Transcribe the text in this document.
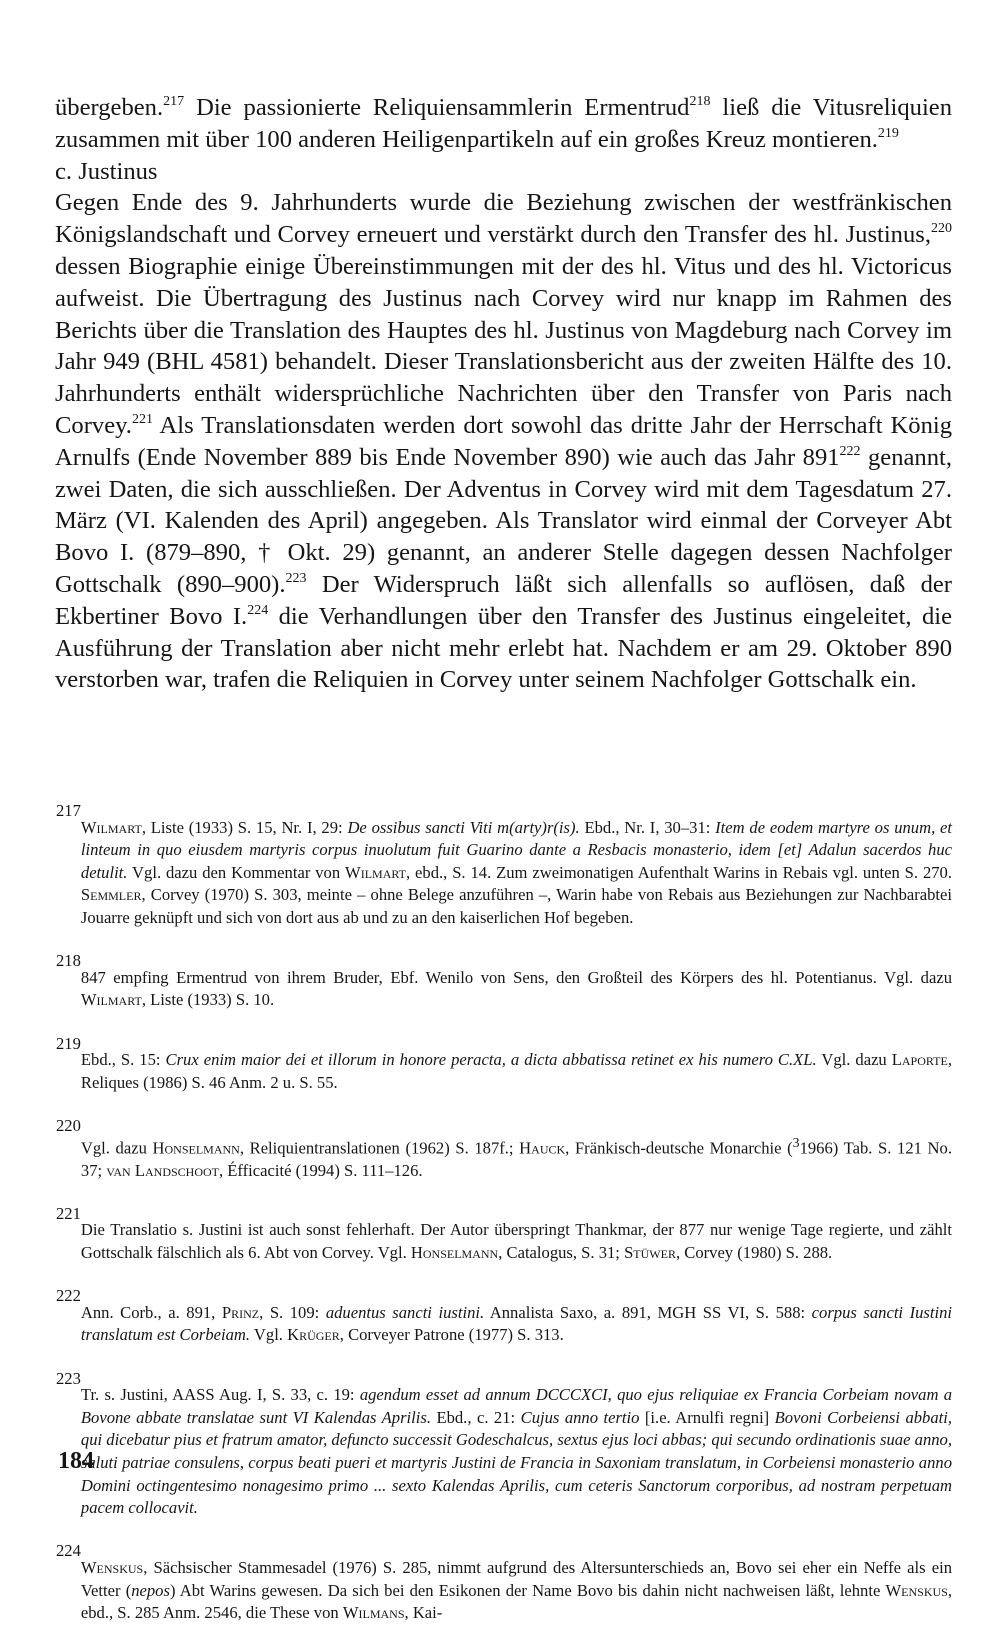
übergeben.$^{217}$ Die passionierte Reliquiensammlerin Ermentrud$^{218}$ ließ die Vitusreliquien zusammen mit über 100 anderen Heiligenpartikeln auf ein großes Kreuz montieren.$^{219}$

c. Justinus

Gegen Ende des 9. Jahrhunderts wurde die Beziehung zwischen der westfränkischen Königslandschaft und Corvey erneuert und verstärkt durch den Transfer des hl. Justinus,$^{220}$ dessen Biographie einige Übereinstimmungen mit der des hl. Vitus und des hl. Victoricus aufweist. Die Übertragung des Justinus nach Corvey wird nur knapp im Rahmen des Berichts über die Translation des Hauptes des hl. Justinus von Magdeburg nach Corvey im Jahr 949 (BHL 4581) behandelt. Dieser Translationsbericht aus der zweiten Hälfte des 10. Jahrhunderts enthält widersprüchliche Nachrichten über den Transfer von Paris nach Corvey.$^{221}$ Als Translationsdaten werden dort sowohl das dritte Jahr der Herrschaft König Arnulfs (Ende November 889 bis Ende November 890) wie auch das Jahr $891^{222}$ genannt, zwei Daten, die sich ausschließen. Der Adventus in Corvey wird mit dem Tagesdatum 27. März (VI. Kalenden des April) angegeben. Als Translator wird einmal der Corveyer Abt Bovo I. (879–890, † Okt. 29) genannt, an anderer Stelle dagegen dessen Nachfolger Gottschalk (890–900).$^{223}$ Der Widerspruch läßt sich allenfalls so auflösen, daß der Ekbertiner Bovo I.$^{224}$ die Verhandlungen über den Transfer des Justinus eingeleitet, die Ausführung der Translation aber nicht mehr erlebt hat. Nachdem er am 29. Oktober 890 verstorben war, trafen die Reliquien in Corvey unter seinem Nachfolger Gottschalk ein.

217

Wilmart, Liste (1933) S. 15, Nr. I, 29: De ossibus sancti Viti m(arty)r(is). Ebd., Nr. I, 30–31: Item de eodem martyre os unum, et linteum in quo eiusdem martyris corpus inuolutum fuit Guarino dante a Resbacis monasterio, idem [et] Adalun sacerdos huc detulit. Vgl. dazu den Kommentar von Wilmart, ebd., S. 14. Zum zweimonatigen Aufenthalt Warins in Rebais vgl. unten S. 270. Semmler, Corvey (1970) S. 303, meinte – ohne Belege anzuführen –, Warin habe von Rebais aus Beziehungen zur Nachbarabtei Jouarre geknüpft und sich von dort aus ab und zu an den kaiserlichen Hof begeben.

218

847 empfing Ermentrud von ihrem Bruder, Ebf. Wenilo von Sens, den Großteil des Körpers des hl. Potentianus. Vgl. dazu Wilmart, Liste (1933) S. 10.

219

Ebd., S. 15: Crux enim maior dei et illorum in honore peracta, a dicta abbatissa retinet ex his numero C.XL. Vgl. dazu Laporte, Reliques (1986) S. 46 Anm. 2 u. S. 55.

220

Vgl. dazu Honselmann, Reliquientranslationen (1962) S. 187f.; Hauck, Fränkisch-deutsche Monarchie ($^3$1966) Tab. S. 121 No. 37; van Landschoot, Éfficacité (1994) S. 111–126.

221

Die Translatio s. Justini ist auch sonst fehlerhaft. Der Autor überspringt Thankmar, der 877 nur wenige Tage regierte, und zählt Gottschalk fälschlich als 6. Abt von Corvey. Vgl. Honselmann, Catalogus, S. 31; Stüwer, Corvey (1980) S. 288.

222

Ann. Corb., a. 891, Prinz, S. 109: aduentus sancti iustini. Annalista Saxo, a. 891, MGH SS VI, S. 588: corpus sancti Iustini translatum est Corbeiam. Vgl. Krüger, Corveyer Patrone (1977) S. 313.

223

Tr. s. Justini, AASS Aug. I, S. 33, c. 19: agendum esset ad annum DCCCXCI, quo ejus reliquiae ex Francia Corbeiam novam a Bovone abbate translatae sunt VI Kalendas Aprilis. Ebd., c. 21: Cujus anno tertio [i.e. Arnulfi regni] Bovoni Corbeiensi abbati, qui dicebatur pius et fratrum amator, defuncto successit Godeschalcus, sextus ejus loci abbas; qui secundo ordinationis suae anno, saluti patriae consulens, corpus beati pueri et martyris Justini de Francia in Saxoniam translatum, in Corbeiensi monasterio anno Domini octingentesimo nonagesimo primo ... sexto Kalendas Aprilis, cum ceteris Sanctorum corporibus, ad nostram perpetuam pacem collocavit.

224

Wenskus, Sächsischer Stammesadel (1976) S. 285, nimmt aufgrund des Altersunterschieds an, Bovo sei eher ein Neffe als ein Vetter (nepos) Abt Warins gewesen. Da sich bei den Esikonen der Name Bovo bis dahin nicht nachweisen läßt, lehnte Wenskus, ebd., S. 285 Anm. 2546, die These von Wilmans, Kai-

184
